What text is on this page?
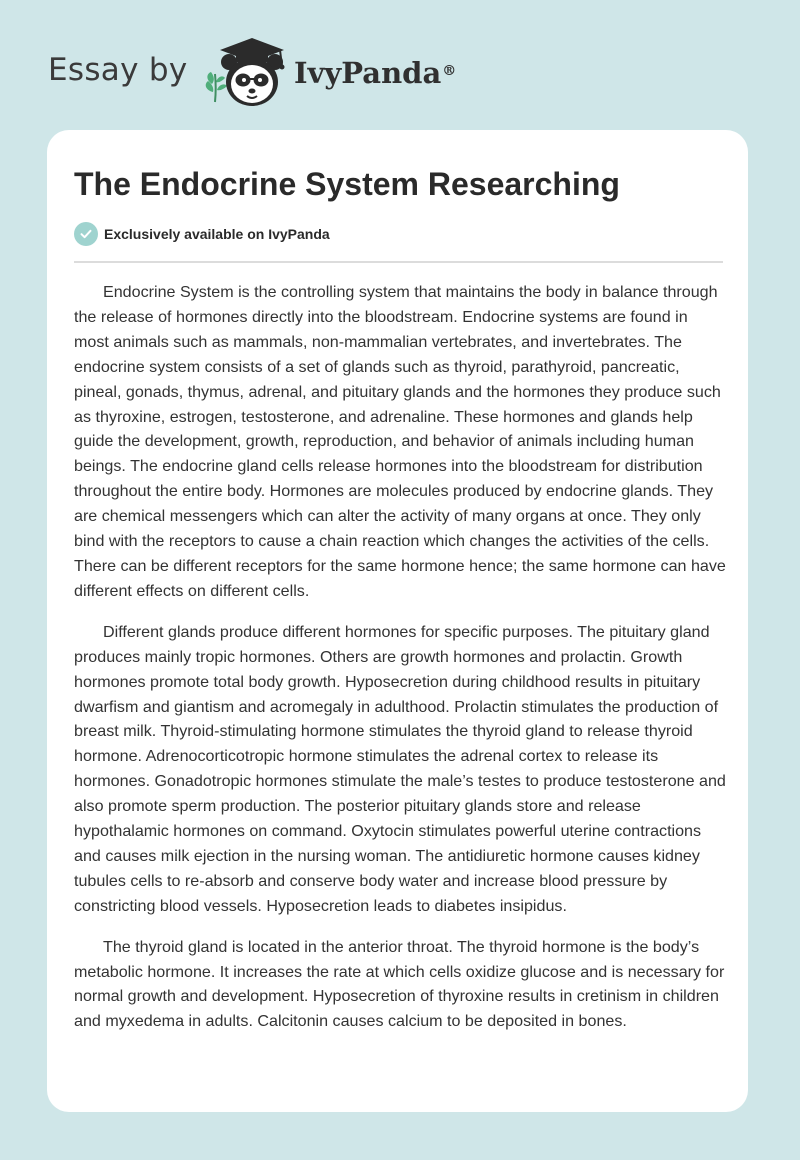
Essay by	IvyPanda®
The Endocrine System Researching
Exclusively available on IvyPanda

Endocrine System is the controlling system that maintains the body in balance through the release of hormones directly into the bloodstream. Endocrine systems are found in most animals such as mammals, non-mammalian vertebrates, and invertebrates. The endocrine system consists of a set of glands such as thyroid, parathyroid, pancreatic, pineal, gonads, thymus, adrenal, and pituitary glands and the hormones they produce such as thyroxine, estrogen, testosterone, and adrenaline. These hormones and glands help guide the development, growth, reproduction, and behavior of animals including human beings. The endocrine gland cells release hormones into the bloodstream for distribution throughout the entire body. Hormones are molecules produced by endocrine glands. They are chemical messengers which can alter the activity of many organs at once. They only bind with the receptors to cause a chain reaction which changes the activities of the cells. There can be different receptors for the same hormone hence; the same hormone can have different effects on different cells.

Different glands produce different hormones for specific purposes. The pituitary gland produces mainly tropic hormones. Others are growth hormones and prolactin. Growth hormones promote total body growth. Hyposecretion during childhood results in pituitary dwarfism and giantism and acromegaly in adulthood. Prolactin stimulates the production of breast milk. Thyroid-stimulating hormone stimulates the thyroid gland to release thyroid hormone. Adrenocorticotropic hormone stimulates the adrenal cortex to release its hormones. Gonadotropic hormones stimulate the male’s testes to produce testosterone and also promote sperm production. The posterior pituitary glands store and release hypothalamic hormones on command. Oxytocin stimulates powerful uterine contractions and causes milk ejection in the nursing woman. The antidiuretic hormone causes kidney tubules cells to re-absorb and conserve body water and increase blood pressure by constricting blood vessels. Hyposecretion leads to diabetes insipidus.

The thyroid gland is located in the anterior throat. The thyroid hormone is the body’s metabolic hormone. It increases the rate at which cells oxidize glucose and is necessary for normal growth and development. Hyposecretion of thyroxine results in cretinism in children and myxedema in adults. Calcitonin causes calcium to be deposited in bones.
